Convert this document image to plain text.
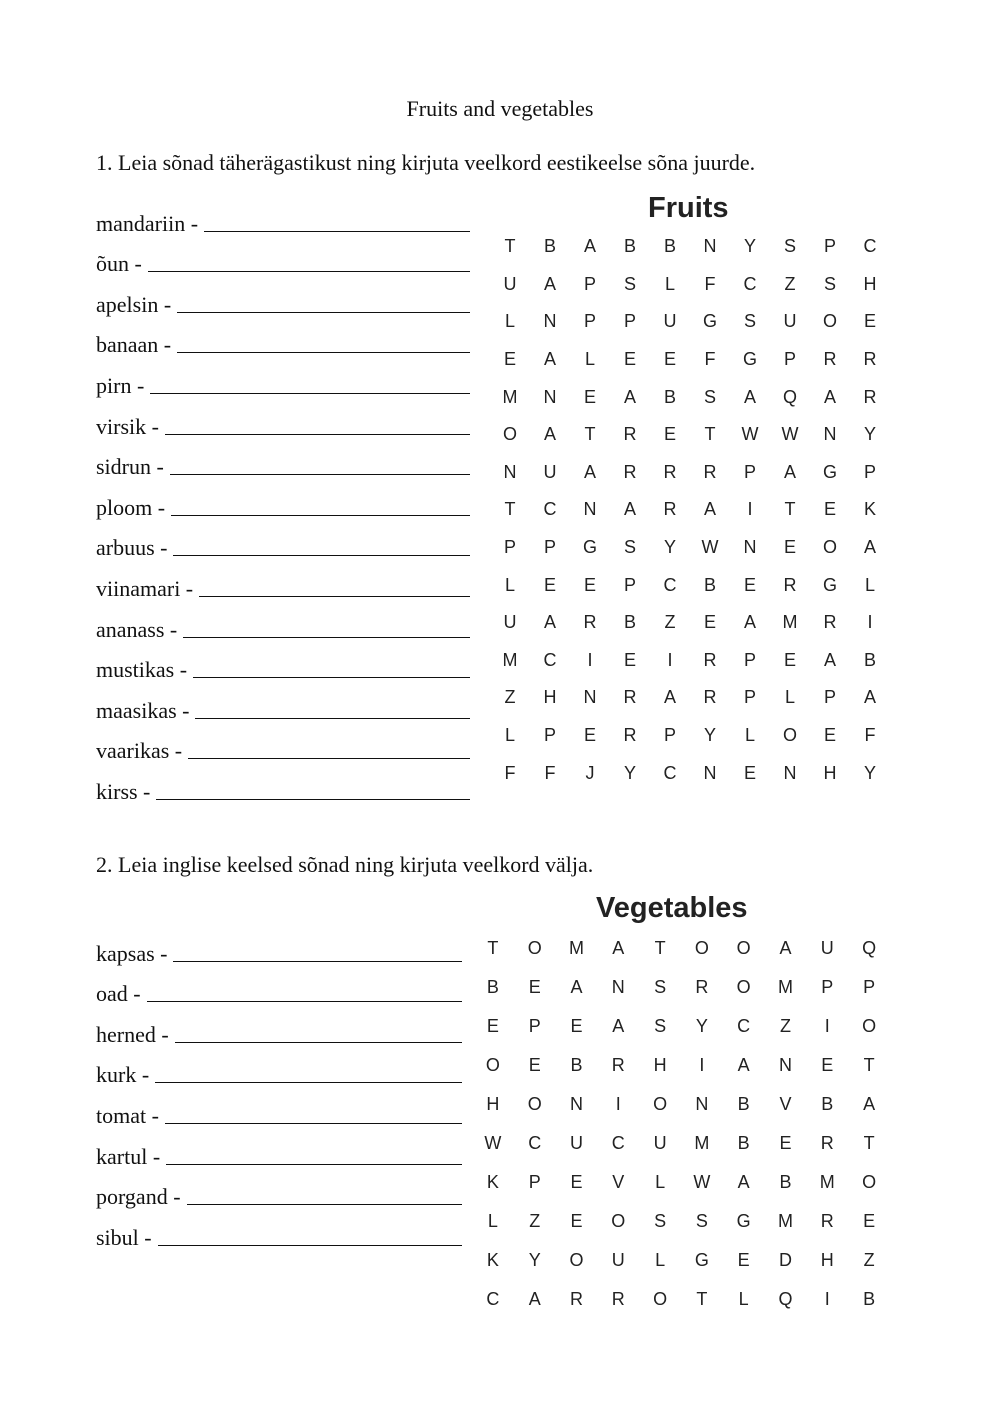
Fruits and vegetables
1. Leia sõnad täherägastikust ning kirjuta veelkord eestikeelse sõna juurde.
mandariin -
õun -
apelsin -
banaan -
pirn -
virsik -
sidrun -
ploom -
arbuus -
viinamari -
ananass -
mustikas -
maasikas -
vaarikas -
kirss -
Fruits
T	B	A	B	B	N	Y	S	P	C
U	A	P	S	L	F	C	Z	S	H
L	N	P	P	U	G	S	U	O	E
E	A	L	E	E	F	G	P	R	R
M	N	E	A	B	S	A	Q	A	R
O	A	T	R	E	T	W	W	N	Y
N	U	A	R	R	R	P	A	G	P
T	C	N	A	R	A	I	T	E	K
P	P	G	S	Y	W	N	E	O	A
L	E	E	P	C	B	E	R	G	L
U	A	R	B	Z	E	A	M	R	I
M	C	I	E	I	R	P	E	A	B
Z	H	N	R	A	R	P	L	P	A
L	P	E	R	P	Y	L	O	E	F
F	F	J	Y	C	N	E	N	H	Y
2. Leia inglise keelsed sõnad ning kirjuta veelkord välja.
kapsas -
oad -
herned -
kurk -
tomat -
kartul -
porgand -
sibul -
Vegetables
T	O	M	A	T	O	O	A	U	Q
B	E	A	N	S	R	O	M	P	P
E	P	E	A	S	Y	C	Z	I	O
O	E	B	R	H	I	A	N	E	T
H	O	N	I	O	N	B	V	B	A
W	C	U	C	U	M	B	E	R	T
K	P	E	V	L	W	A	B	M	O
L	Z	E	O	S	S	G	M	R	E
K	Y	O	U	L	G	E	D	H	Z
C	A	R	R	O	T	L	Q	I	B
